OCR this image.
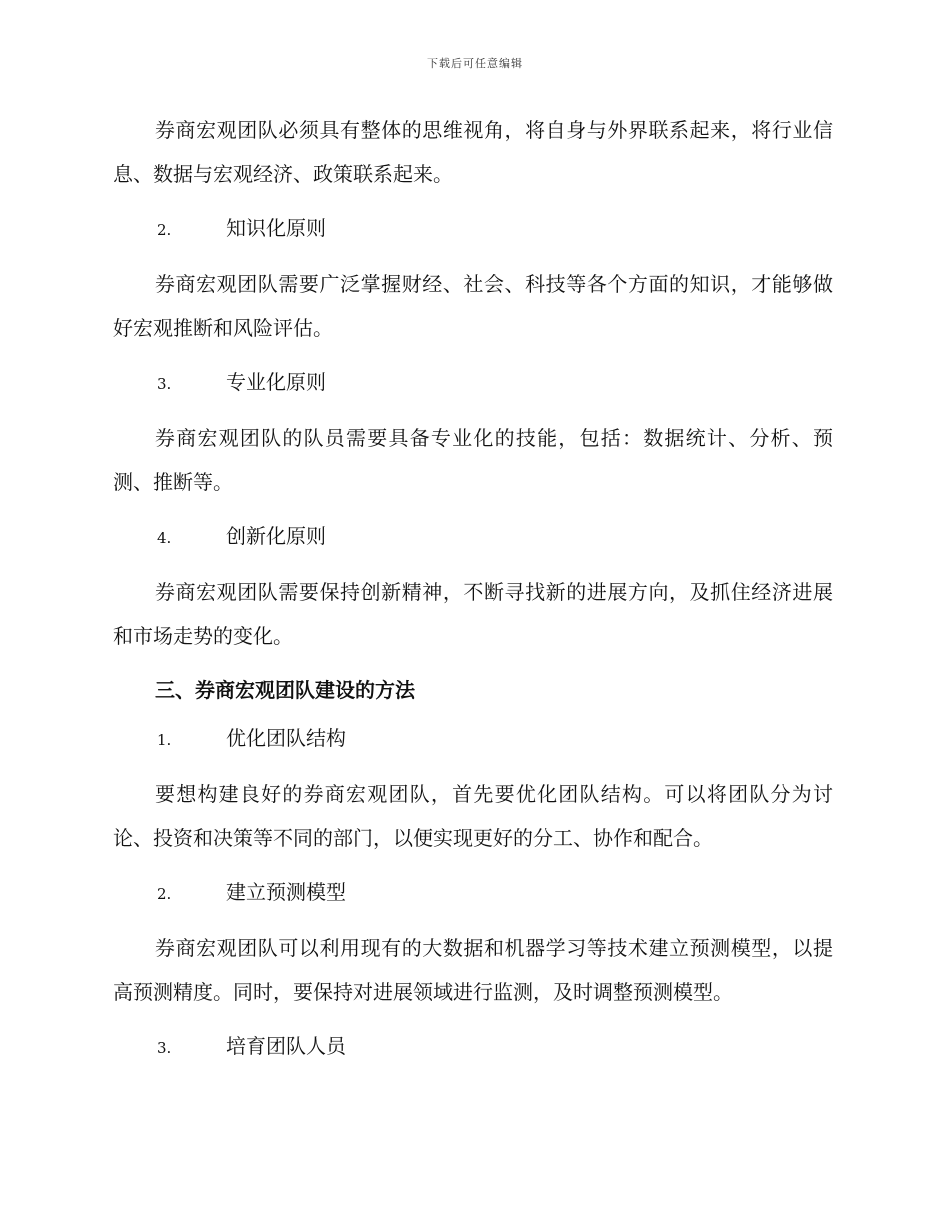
下载后可任意编辑

券商宏观团队必须具有整体的思维视角，将自身与外界联系起来，将行业信息、数据与宏观经济、政策联系起来。

2.	知识化原则

券商宏观团队需要广泛掌握财经、社会、科技等各个方面的知识，才能够做好宏观推断和风险评估。

3.	专业化原则

券商宏观团队的队员需要具备专业化的技能，包括：数据统计、分析、预测、推断等。

4.	创新化原则

券商宏观团队需要保持创新精神，不断寻找新的进展方向，及抓住经济进展和市场走势的变化。

三、券商宏观团队建设的方法
1.	优化团队结构

要想构建良好的券商宏观团队，首先要优化团队结构。可以将团队分为讨论、投资和决策等不同的部门，以便实现更好的分工、协作和配合。

2.	建立预测模型

券商宏观团队可以利用现有的大数据和机器学习等技术建立预测模型，以提高预测精度。同时，要保持对进展领域进行监测，及时调整预测模型。

3.	培育团队人员
